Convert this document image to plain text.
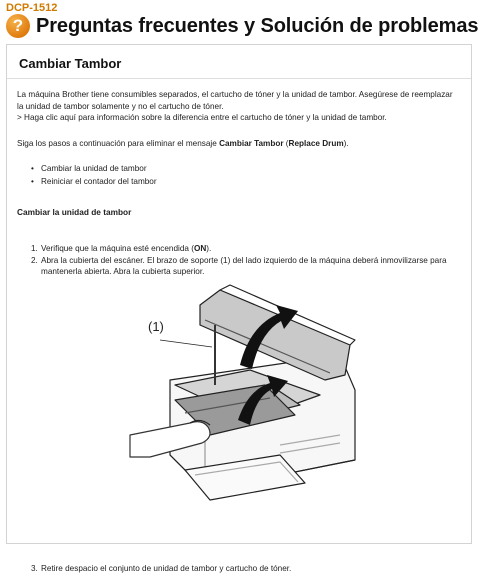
DCP-1512
? Preguntas frecuentes y Solución de problemas
Cambiar Tambor
La máquina Brother tiene consumibles separados, el cartucho de tóner y la unidad de tambor. Asegúrese de reemplazar la unidad de tambor solamente y no el cartucho de tóner.
> Haga clic aquí para información sobre la diferencia entre el cartucho de tóner y la unidad de tambor.
Siga los pasos a continuación para eliminar el mensaje Cambiar Tambor (Replace Drum).
• Cambiar la unidad de tambor
• Reiniciar el contador del tambor
Cambiar la unidad de tambor
1. Verifique que la máquina esté encendida (ON).
2. Abra la cubierta del escáner. El brazo de soporte (1) del lado izquierdo de la máquina deberá inmovilizarse para mantenerla abierta. Abra la cubierta superior.
3. Retire despacio el conjunto de unidad de tambor y cartucho de tóner.
(1)
